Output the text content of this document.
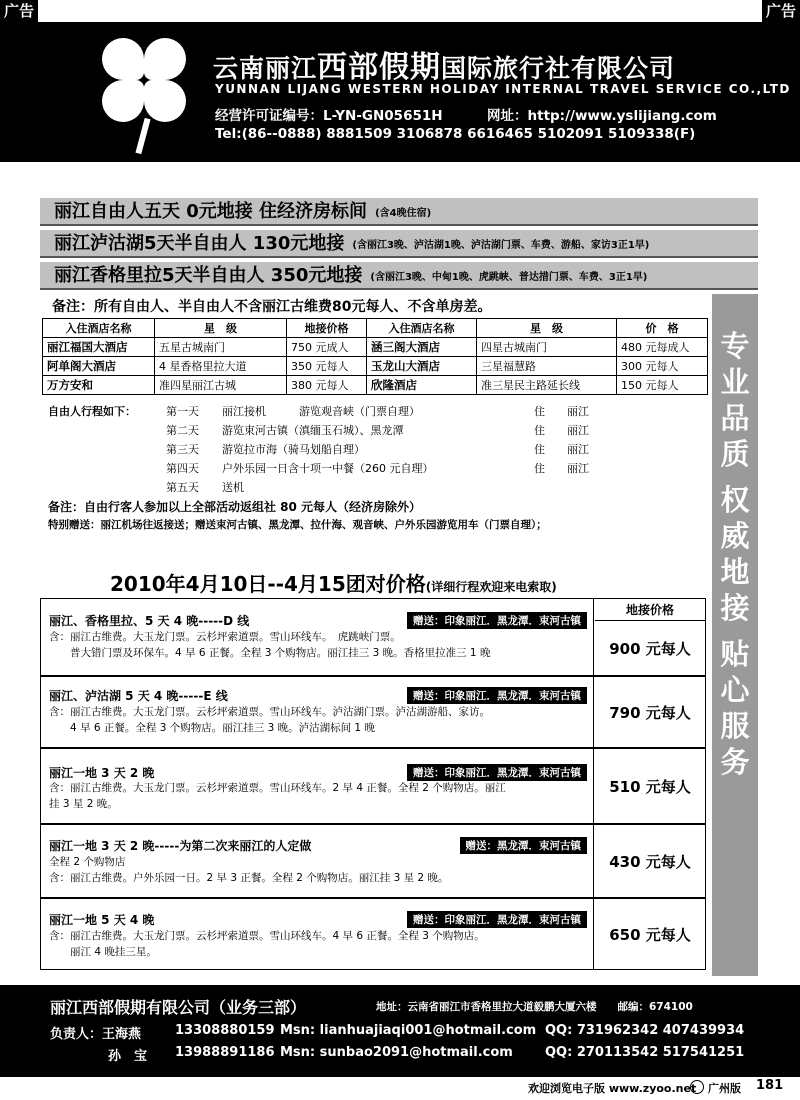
广告	广告
云南丽江西部假期国际旅行社有限公司
YUNNAN LIJANG WESTERN HOLIDAY INTERNAL TRAVEL SERVICE CO.,LTD
经营许可证编号：L-YN-GN05651H	网址：http://www.yslijiang.com
Tel:(86--0888) 8881509 3106878 6616465 5102091 5109338(F)
丽江自由人五天 0元地接 住经济房标间 (含4晚住宿)
丽江泸沽湖5天半自由人 130元地接 (含丽江3晚、泸沽湖1晚、泸沽湖门票、车费、游船、家访3正1早)
丽江香格里拉5天半自由人 350元地接 (含丽江3晚、中甸1晚、虎跳峡、普达措门票、车费、3正1早)
专
业
品
质
权
威
地
接
贴
心
服
务
备注：所有自由人、半自由人不含丽江古维费80元每人、不含单房差。
入住酒店名称	星　级	地接价格	入住酒店名称	星　级	价　格
丽江福国大酒店	五星古城南门	750 元成人	涵三阁大酒店	四星古城南门	480 元每成人
阿单阁大酒店	4 星香格里拉大道	350 元每人	玉龙山大酒店	三星福慧路	300 元每人
万方安和	准四星丽江古城	380 元每人	欣隆酒店	准三星民主路延长线	150 元每人
自由人行程如下：	第一天 丽江接机　　　游览观音峡（门票自理）	住　　丽江
第二天 游览束河古镇（滇缅玉石城）、黑龙潭	住　　丽江
第三天 游览拉市海（骑马划船自理）	住　　丽江
第四天 户外乐园一日含十项一中餐（260 元自理）	住　　丽江
第五天 送机
备注：自由行客人参加以上全部活动返组社 80 元每人（经济房除外）
特别赠送：丽江机场往返接送；赠送束河古镇、黑龙潭、拉什海、观音峡、户外乐园游览用车（门票自理）；
2010年4月10日--4月15团对价格(详细行程欢迎来电索取)
地接价格
丽江、香格里拉、5 天 4 晚-----D 线	赠送：印象丽江．黑龙潭．束河古镇
含：丽江古维费。大玉龙门票。云杉坪索道票。雪山环线车。　虎跳峡门票。
　　普大错门票及环保车。4 早 6 正餐。全程 3 个购物店。丽江挂三 3 晚。香格里拉准三 1 晚	900 元每人
丽江、泸沽湖 5 天 4 晚-----E 线	赠送：印象丽江．黑龙潭．束河古镇
含：丽江古维费。大玉龙门票。云杉坪索道票。雪山环线车。泸沽湖门票。泸沽湖游船、家访。
　　4 早 6 正餐。全程 3 个购物店。丽江挂三 3 晚。泸沽湖标间 1 晚
790 元每人
丽江一地 3 天 2 晚	赠送：印象丽江．黑龙潭．束河古镇
含：丽江古维费。大玉龙门票。云杉坪索道票。雪山环线车。2 早 4 正餐。全程 2 个购物店。丽江
挂 3 星 2 晚。
510 元每人
丽江一地 3 天 2 晚-----为第二次来丽江的人定做	赠送：黑龙潭．束河古镇
全程 2 个购物店
含：丽江古维费。户外乐园一日。2 早 3 正餐。全程 2 个购物店。丽江挂 3 星 2 晚。
430 元每人
丽江一地 5 天 4 晚	赠送：印象丽江．黑龙潭．束河古镇
含：丽江古维费。大玉龙门票。云杉坪索道票。雪山环线车。4 早 6 正餐。全程 3 个购物店。
　　丽江 4 晚挂三星。
650 元每人
丽江西部假期有限公司（业务三部）	地址：云南省丽江市香格里拉大道毅鹏大厦六楼　　邮编：674100
负责人：王海燕	13308880159 Msn: lianhuajiaqi001@hotmail.com QQ: 731962342 407439934
孙　宝 13988891186 Msn: sunbao2091@hotmail.com QQ: 270113542 517541251
欢迎浏览电子版 www.zyoo.net 广州版 181
